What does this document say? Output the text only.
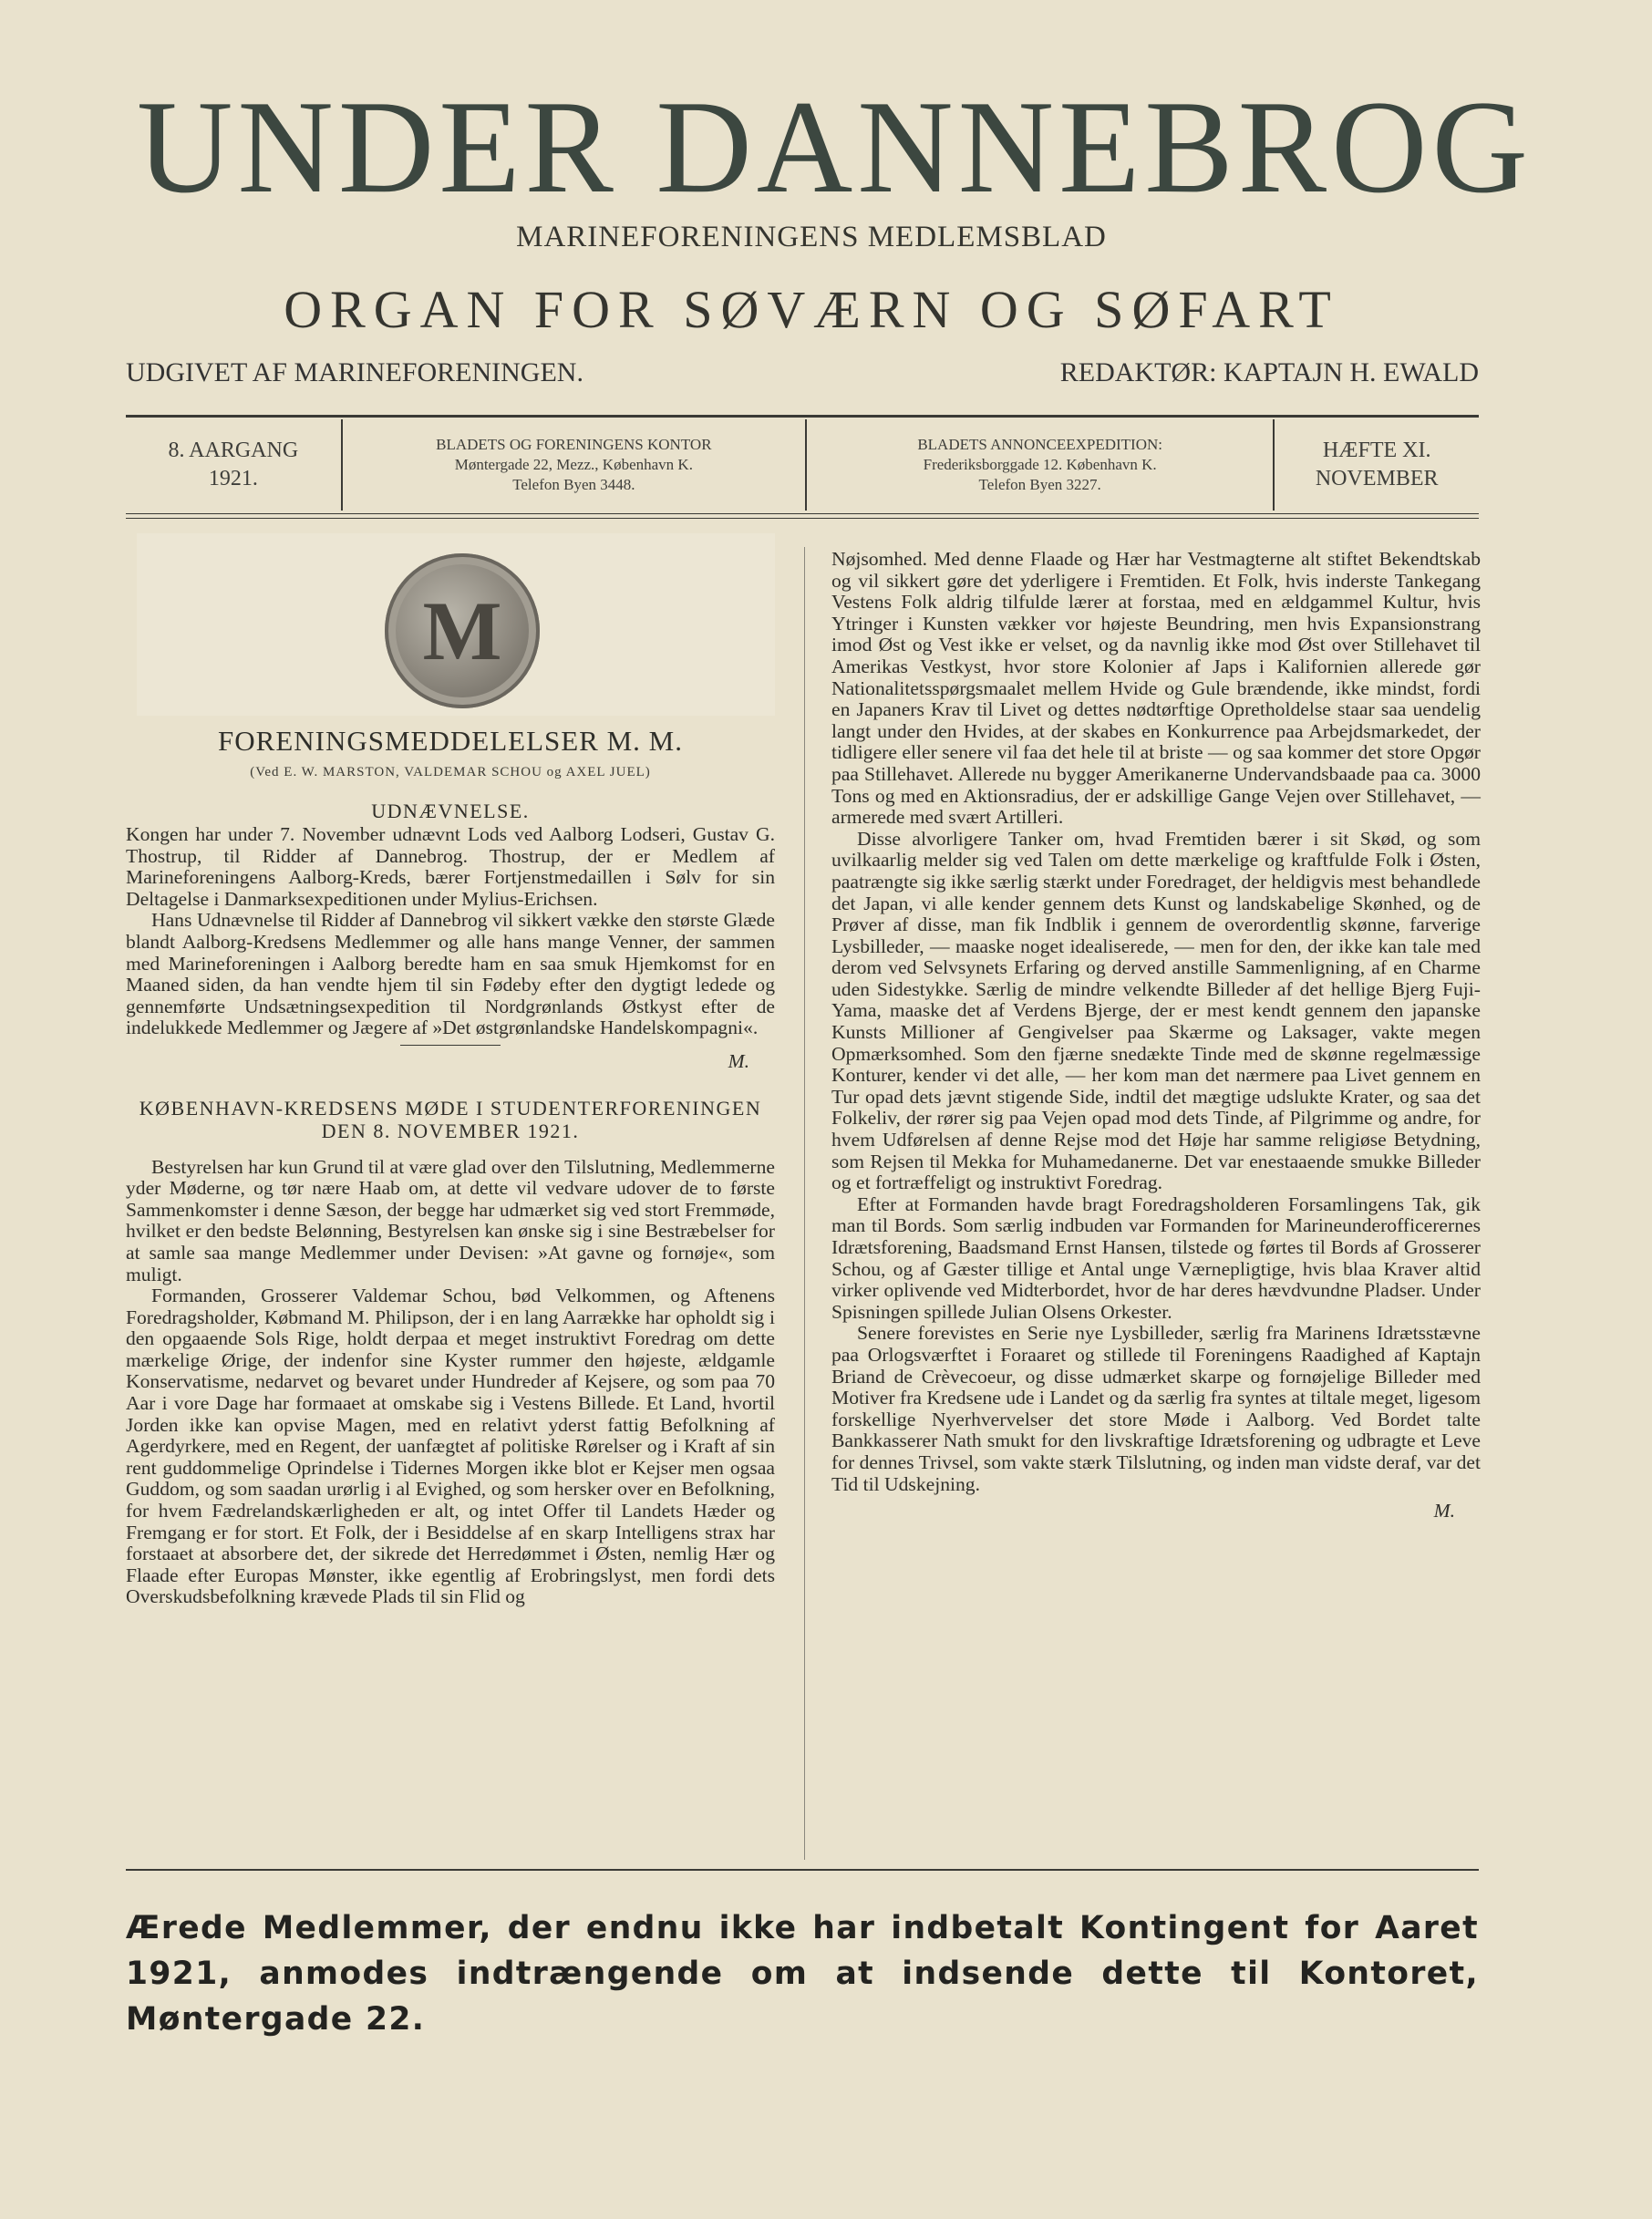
UNDER DANNEBROG
MARINEFORENINGENS MEDLEMSBLAD
ORGAN FOR SØVÆRN OG SØFART
UDGIVET AF MARINEFORENINGEN.	REDAKTØR: KAPTAJN H. EWALD
8. AARGANG
1921.
BLADETS OG FORENINGENS KONTOR
Møntergade 22, Mezz., København K.
Telefon Byen 3448.
BLADETS ANNONCEEXPEDITION:
Frederiksborggade 12. København K.
Telefon Byen 3227.
HÆFTE XI.
NOVEMBER
M
FORENINGSMEDDELELSER M. M.
(Ved E. W. MARSTON, VALDEMAR SCHOU og AXEL JUEL)
UDNÆVNELSE.

Kongen har under 7. November udnævnt Lods ved Aalborg Lodseri, Gustav G. Thostrup, til Ridder af Dannebrog. Thostrup, der er Medlem af Marineforeningens Aalborg-Kreds, bærer Fortjenstmedaillen i Sølv for sin Deltagelse i Danmarksexpeditionen under Mylius-Erichsen.

Hans Udnævnelse til Ridder af Dannebrog vil sikkert vække den største Glæde blandt Aalborg-Kredsens Medlemmer og alle hans mange Venner, der sammen med Marineforeningen i Aalborg beredte ham en saa smuk Hjemkomst for en Maaned siden, da han vendte hjem til sin Fødeby efter den dygtigt ledede og gennemførte Undsætningsexpedition til Nordgrønlands Østkyst efter de indelukkede Medlemmer og Jægere af »Det østgrønlandske Handelskompagni«.

M.
KØBENHAVN-KREDSENS MØDE I STUDENTERFORENINGEN DEN 8. NOVEMBER 1921.

Bestyrelsen har kun Grund til at være glad over den Tilslutning, Medlemmerne yder Møderne, og tør nære Haab om, at dette vil vedvare udover de to første Sammenkomster i denne Sæson, der begge har udmærket sig ved stort Fremmøde, hvilket er den bedste Belønning, Bestyrelsen kan ønske sig i sine Bestræbelser for at samle saa mange Medlemmer under Devisen: »At gavne og fornøje«, som muligt.

Formanden, Grosserer Valdemar Schou, bød Velkommen, og Aftenens Foredragsholder, Købmand M. Philipson, der i en lang Aarrække har opholdt sig i den opgaaende Sols Rige, holdt derpaa et meget instruktivt Foredrag om dette mærkelige Ørige, der indenfor sine Kyster rummer den højeste, ældgamle Konservatisme, nedarvet og bevaret under Hundreder af Kejsere, og som paa 70 Aar i vore Dage har formaaet at omskabe sig i Vestens Billede. Et Land, hvortil Jorden ikke kan opvise Magen, med en relativt yderst fattig Befolkning af Agerdyrkere, med en Regent, der uanfægtet af politiske Rørelser og i Kraft af sin rent guddommelige Oprindelse i Tidernes Morgen ikke blot er Kejser men ogsaa Guddom, og som saadan urørlig i al Evighed, og som hersker over en Befolkning, for hvem Fædrelandskærligheden er alt, og intet Offer til Landets Hæder og Fremgang er for stort. Et Folk, der i Besiddelse af en skarp Intelligens strax har forstaaet at absorbere det, der sikrede det Herredømmet i Østen, nemlig Hær og Flaade efter Europas Mønster, ikke egentlig af Erobringslyst, men fordi dets Overskudsbefolkning krævede Plads til sin Flid og

Nøjsomhed. Med denne Flaade og Hær har Vestmagterne alt stiftet Bekendtskab og vil sikkert gøre det yderligere i Fremtiden. Et Folk, hvis inderste Tankegang Vestens Folk aldrig tilfulde lærer at forstaa, med en ældgammel Kultur, hvis Ytringer i Kunsten vækker vor højeste Beundring, men hvis Expansionstrang imod Øst og Vest ikke er velset, og da navnlig ikke mod Øst over Stillehavet til Amerikas Vestkyst, hvor store Kolonier af Japs i Kalifornien allerede gør Nationalitetsspørgsmaalet mellem Hvide og Gule brændende, ikke mindst, fordi en Japaners Krav til Livet og dettes nødtørftige Opretholdelse staar saa uendelig langt under den Hvides, at der skabes en Konkurrence paa Arbejdsmarkedet, der tidligere eller senere vil faa det hele til at briste — og saa kommer det store Opgør paa Stillehavet. Allerede nu bygger Amerikanerne Undervandsbaade paa ca. 3000 Tons og med en Aktionsradius, der er adskillige Gange Vejen over Stillehavet, — armerede med svært Artilleri.

Disse alvorligere Tanker om, hvad Fremtiden bærer i sit Skød, og som uvilkaarlig melder sig ved Talen om dette mærkelige og kraftfulde Folk i Østen, paatrængte sig ikke særlig stærkt under Foredraget, der heldigvis mest behandlede det Japan, vi alle kender gennem dets Kunst og landskabelige Skønhed, og de Prøver af disse, man fik Indblik i gennem de overordentlig skønne, farverige Lysbilleder, — maaske noget idealiserede, — men for den, der ikke kan tale med derom ved Selvsynets Erfaring og derved anstille Sammenligning, af en Charme uden Sidestykke. Særlig de mindre velkendte Billeder af det hellige Bjerg Fuji-Yama, maaske det af Verdens Bjerge, der er mest kendt gennem den japanske Kunsts Millioner af Gengivelser paa Skærme og Laksager, vakte megen Opmærksomhed. Som den fjærne snedækte Tinde med de skønne regelmæssige Konturer, kender vi det alle, — her kom man det nærmere paa Livet gennem en Tur opad dets jævnt stigende Side, indtil det mægtige udslukte Krater, og saa det Folkeliv, der rører sig paa Vejen opad mod dets Tinde, af Pilgrimme og andre, for hvem Udførelsen af denne Rejse mod det Høje har samme religiøse Betydning, som Rejsen til Mekka for Muhamedanerne. Det var enestaaende smukke Billeder og et fortræffeligt og instruktivt Foredrag.

Efter at Formanden havde bragt Foredragsholderen Forsamlingens Tak, gik man til Bords. Som særlig indbuden var Formanden for Marineunderofficerernes Idrætsforening, Baadsmand Ernst Hansen, tilstede og førtes til Bords af Grosserer Schou, og af Gæster tillige et Antal unge Værnepligtige, hvis blaa Kraver altid virker oplivende ved Midterbordet, hvor de har deres hævdvundne Pladser. Under Spisningen spillede Julian Olsens Orkester.

Senere forevistes en Serie nye Lysbilleder, særlig fra Marinens Idrætsstævne paa Orlogsværftet i Foraaret og stillede til Foreningens Raadighed af Kaptajn Briand de Crèvecoeur, og disse udmærket skarpe og fornøjelige Billeder med Motiver fra Kredsene ude i Landet og da særlig fra syntes at tiltale meget, ligesom forskellige Nyerhvervelser det store Møde i Aalborg. Ved Bordet talte Bankkasserer Nath smukt for den livskraftige Idrætsforening og udbragte et Leve for dennes Trivsel, som vakte stærk Tilslutning, og inden man vidste deraf, var det Tid til Udskejning.

M.
Ærede Medlemmer, der endnu ikke har indbetalt Kontingent for Aaret 1921, anmodes indtrængende om at indsende dette til Kontoret, Møntergade 22.
